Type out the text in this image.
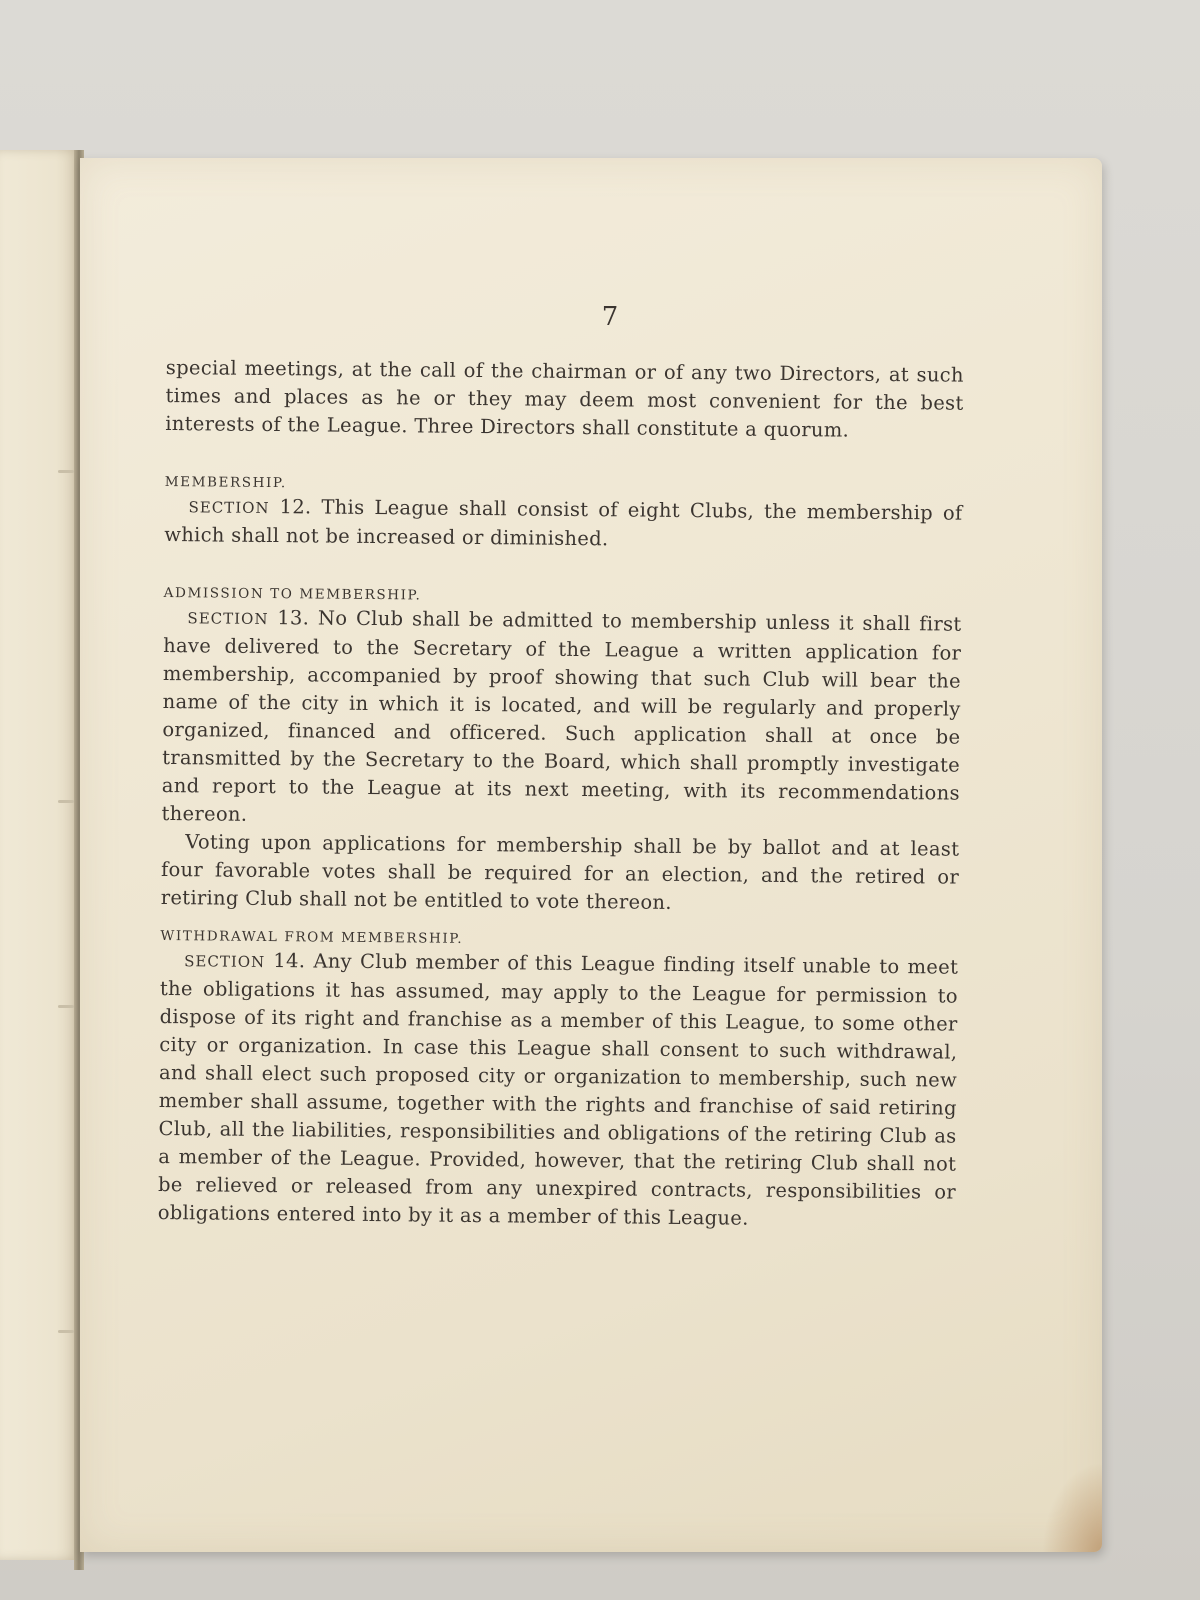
7

special meetings, at the call of the chairman or of any two Directors, at such times and places as he or they may deem most convenient for the best interests of the League. Three Directors shall constitute a quorum.

MEMBERSHIP.

SECTION 12. This League shall consist of eight Clubs, the membership of which shall not be increased or diminished.

ADMISSION TO MEMBERSHIP.

SECTION 13. No Club shall be admitted to membership unless it shall first have delivered to the Secretary of the League a written application for membership, accompanied by proof showing that such Club will bear the name of the city in which it is located, and will be regularly and properly organized, financed and officered. Such application shall at once be transmitted by the Secretary to the Board, which shall promptly investigate and report to the League at its next meeting, with its recommendations thereon.

Voting upon applications for membership shall be by ballot and at least four favorable votes shall be required for an election, and the retired or retiring Club shall not be entitled to vote thereon.

WITHDRAWAL FROM MEMBERSHIP.

SECTION 14. Any Club member of this League finding itself unable to meet the obligations it has assumed, may apply to the League for permission to dispose of its right and franchise as a member of this League, to some other city or organization. In case this League shall consent to such withdrawal, and shall elect such proposed city or organization to membership, such new member shall assume, together with the rights and franchise of said retiring Club, all the liabilities, responsibilities and obligations of the retiring Club as a member of the League. Provided, however, that the retiring Club shall not be relieved or released from any unexpired contracts, responsibilities or obligations entered into by it as a member of this League.
